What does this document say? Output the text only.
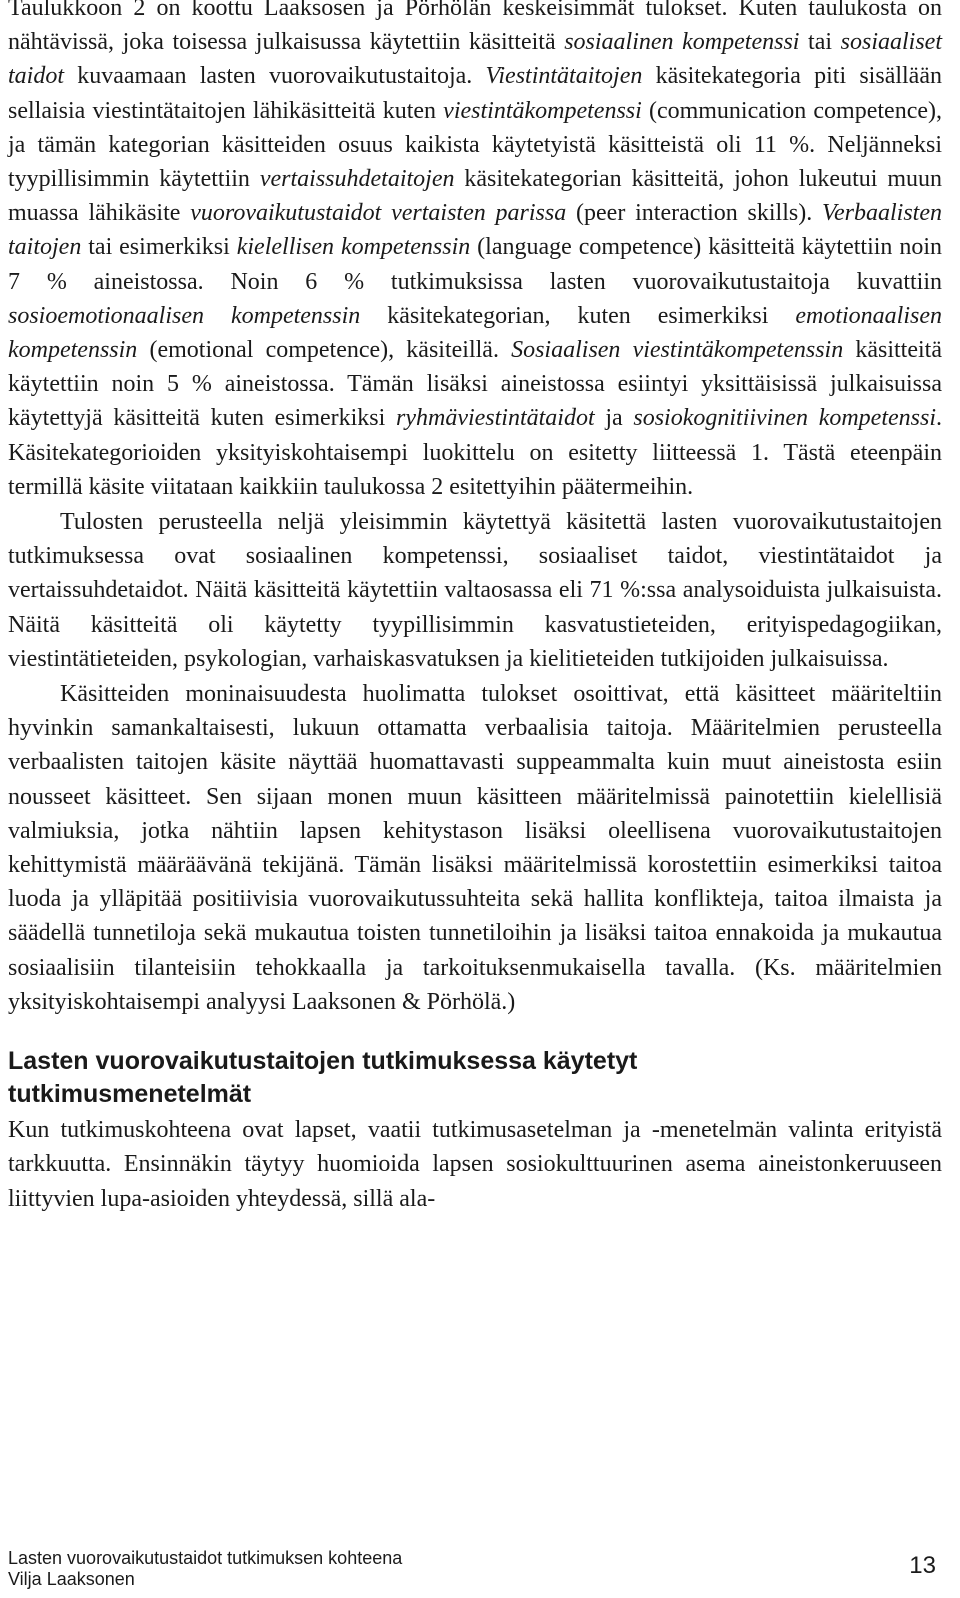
Taulukkoon 2 on koottu Laaksosen ja Pörhölän keskeisimmät tulokset. Kuten taulukosta on nähtävissä, joka toisessa julkaisussa käytettiin käsitteitä sosiaalinen kompetenssi tai sosiaaliset taidot kuvaamaan lasten vuorovaikutustaitoja. Viestintätaitojen käsitekategoria piti sisällään sellaisia viestintätaitojen lähikäsitteitä kuten viestintäkompetenssi (communication competence), ja tämän kategorian käsitteiden osuus kaikista käytetyistä käsitteistä oli 11 %. Neljänneksi tyypillisimmin käytettiin vertaissuhdetaitojen käsitekategorian käsitteitä, johon lukeutui muun muassa lähikäsite vuorovaikutustaidot vertaisten parissa (peer interaction skills). Verbaalisten taitojen tai esimerkiksi kielellisen kompetenssin (language competence) käsitteitä käytettiin noin 7 % aineistossa. Noin 6 % tutkimuksissa lasten vuorovaikutustaitoja kuvattiin sosioemotionaalisen kompetenssin käsitekategorian, kuten esimerkiksi emotionaalisen kompetenssin (emotional competence), käsiteillä. Sosiaalisen viestintäkompetenssin käsitteitä käytettiin noin 5 % aineistossa. Tämän lisäksi aineistossa esiintyi yksittäisissä julkaisuissa käytettyjä käsitteitä kuten esimerkiksi ryhmäviestintätaidot ja sosiokognitiivinen kompetenssi. Käsitekategorioiden yksityiskohtaisempi luokittelu on esitetty liitteessä 1. Tästä eteenpäin termillä käsite viitataan kaikkiin taulukossa 2 esitettyihin päätermeihin.

Tulosten perusteella neljä yleisimmin käytettyä käsitettä lasten vuorovaikutustaitojen tutkimuksessa ovat sosiaalinen kompetenssi, sosiaaliset taidot, viestintätaidot ja vertaissuhdetaidot. Näitä käsitteitä käytettiin valtaosassa eli 71 %:ssa analysoiduista julkaisuista. Näitä käsitteitä oli käytetty tyypillisimmin kasvatustieteiden, erityispedagogiikan, viestintätieteiden, psykologian, varhaiskasvatuksen ja kielitieteiden tutkijoiden julkaisuissa.

Käsitteiden moninaisuudesta huolimatta tulokset osoittivat, että käsitteet määriteltiin hyvinkin samankaltaisesti, lukuun ottamatta verbaalisia taitoja. Määritelmien perusteella verbaalisten taitojen käsite näyttää huomattavasti suppeammalta kuin muut aineistosta esiin nousseet käsitteet. Sen sijaan monen muun käsitteen määritelmissä painotettiin kielellisiä valmiuksia, jotka nähtiin lapsen kehitystason lisäksi oleellisena vuorovaikutustaitojen kehittymistä määräävänä tekijänä. Tämän lisäksi määritelmissä korostettiin esimerkiksi taitoa luoda ja ylläpitää positiivisia vuorovaikutussuhteita sekä hallita konflikteja, taitoa ilmaista ja säädellä tunnetiloja sekä mukautua toisten tunnetiloihin ja lisäksi taitoa ennakoida ja mukautua sosiaalisiin tilanteisiin tehokkaalla ja tarkoituksenmukaisella tavalla. (Ks. määritelmien yksityiskohtaisempi analyysi Laaksonen & Pörhölä.)

Lasten vuorovaikutustaitojen tutkimuksessa käytetyt tutkimusmenetelmät

Kun tutkimuskohteena ovat lapset, vaatii tutkimusasetelman ja -menetelmän valinta erityistä tarkkuutta. Ensinnäkin täytyy huomioida lapsen sosiokulttuurinen asema aineistonkeruuseen liittyvien lupa-asioiden yhteydessä, sillä ala-

Lasten vuorovaikutustaidot tutkimuksen kohteena
Vilja Laaksonen	13
